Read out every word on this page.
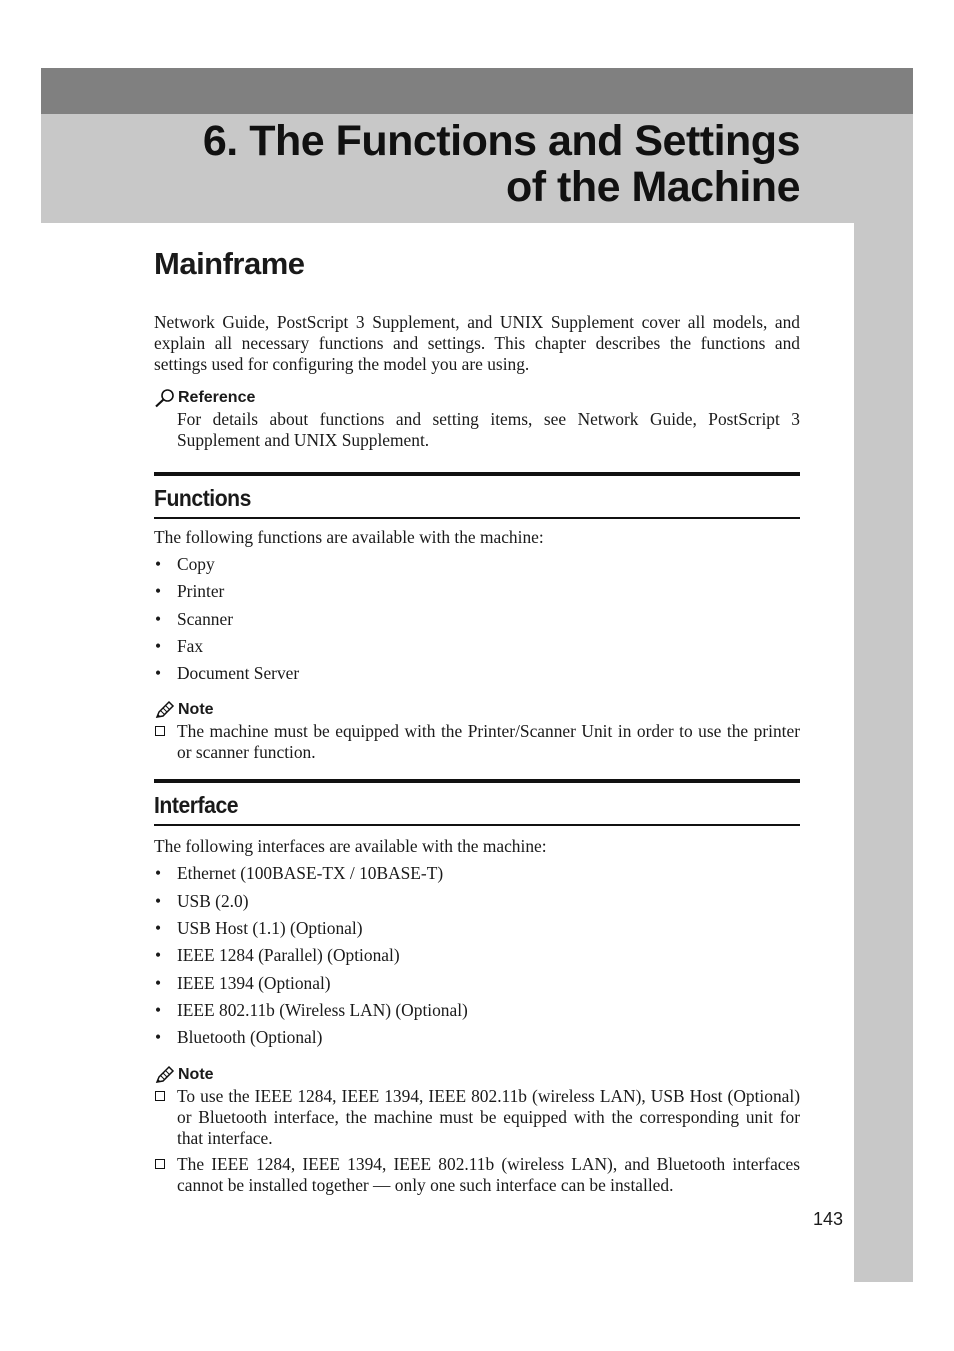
6. The Functions and Settings
of the Machine
Mainframe

Network Guide, PostScript 3 Supplement, and UNIX Supplement cover all models, and explain all necessary functions and settings. This chapter describes the functions and settings used for configuring the model you are using.

Reference

For details about functions and setting items, see Network Guide, PostScript 3 Supplement and UNIX Supplement.

Functions

The following functions are available with the machine:

• Copy
• Printer
• Scanner
• Fax
• Document Server
Note
The machine must be equipped with the Printer/Scanner Unit in order to use the printer or scanner function.
Interface

The following interfaces are available with the machine:

• Ethernet (100BASE-TX / 10BASE-T)
• USB (2.0)
• USB Host (1.1) (Optional)
• IEEE 1284 (Parallel) (Optional)
• IEEE 1394 (Optional)
• IEEE 802.11b (Wireless LAN) (Optional)
• Bluetooth (Optional)
Note
To use the IEEE 1284, IEEE 1394, IEEE 802.11b (wireless LAN), USB Host (Optional) or Bluetooth interface, the machine must be equipped with the corresponding unit for that interface.
The IEEE 1284, IEEE 1394, IEEE 802.11b (wireless LAN), and Bluetooth interfaces cannot be installed together — only one such interface can be installed.
143
